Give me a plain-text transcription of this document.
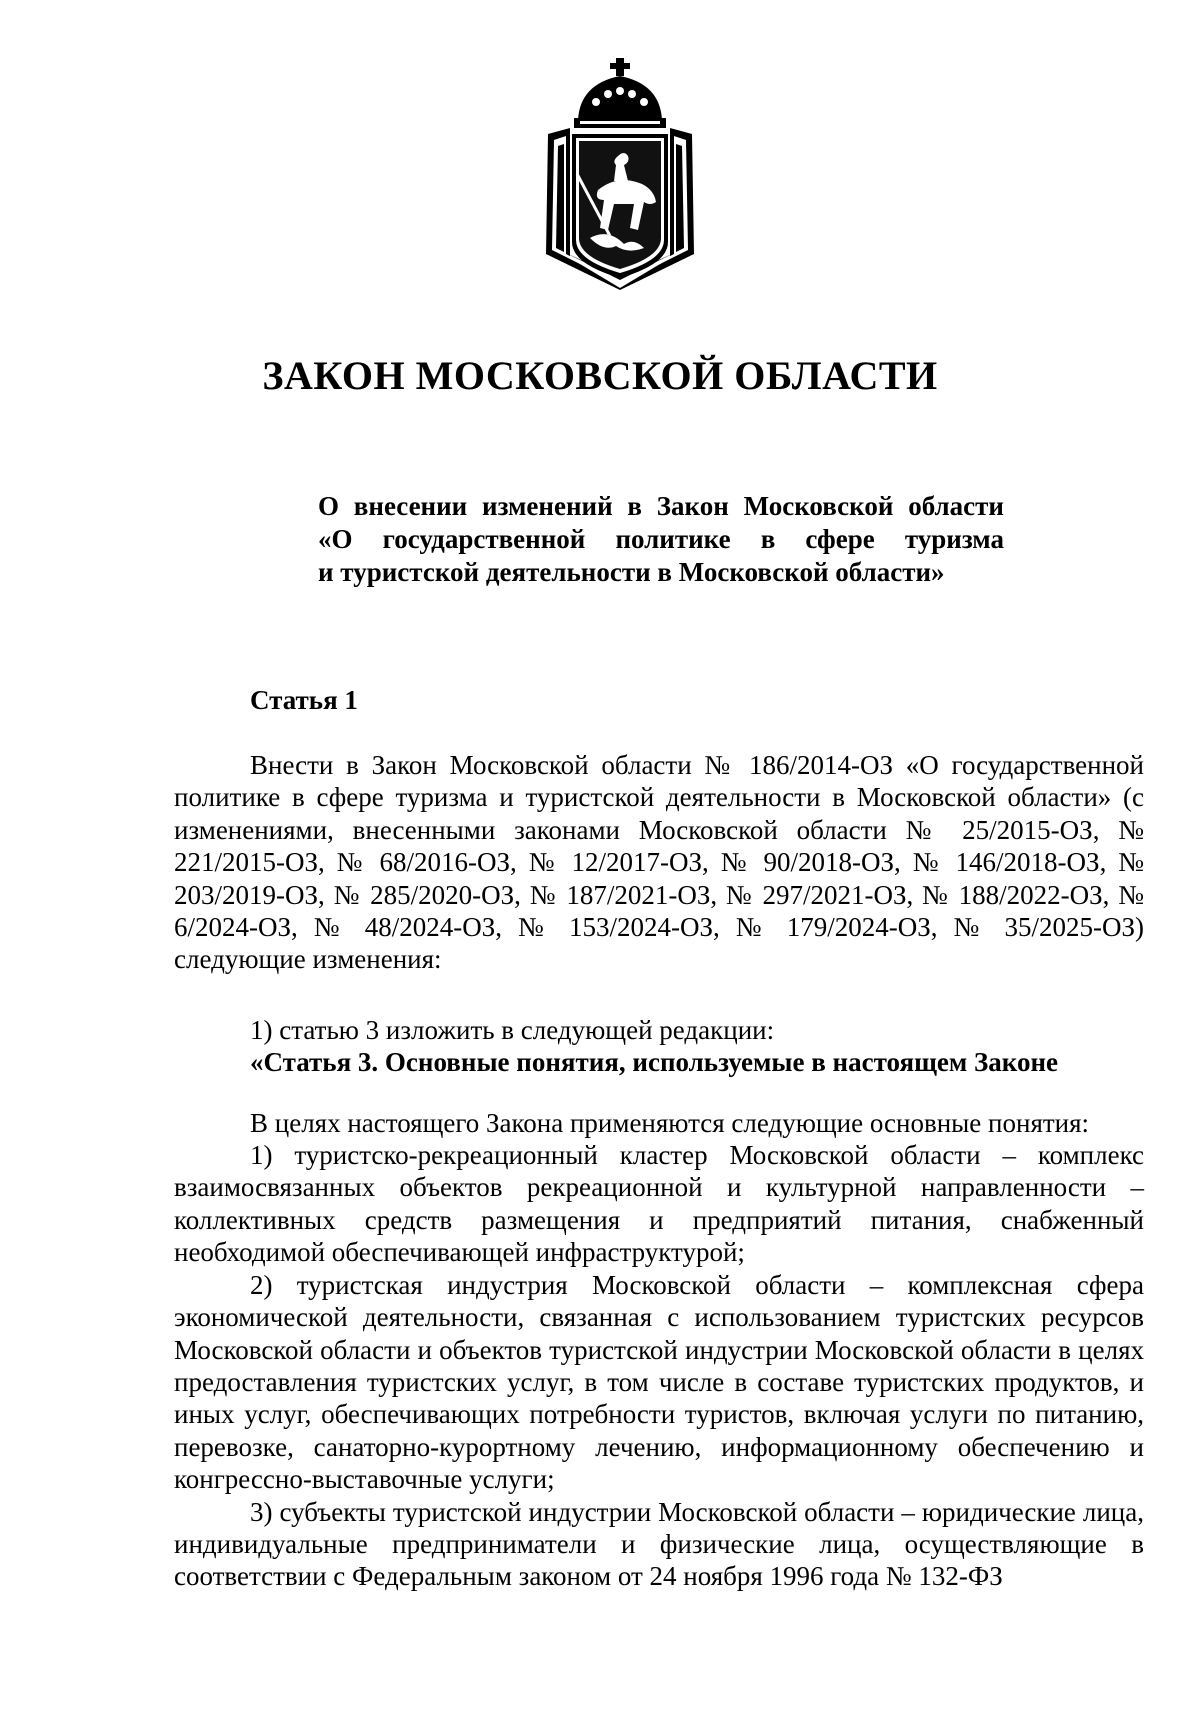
ЗАКОН МОСКОВСКОЙ ОБЛАСТИ
О внесении изменений в Закон Московской области
«О государственной политике в сфере туризма
и туристской деятельности в Московской области»
Статья 1

Внести в Закон Московской области № 186/2014-ОЗ «О государственной политике в сфере туризма и туристской деятельности в Московской области» (с изменениями, внесенными законами Московской области № 25/2015-ОЗ, № 221/2015-ОЗ, № 68/2016-ОЗ, № 12/2017-ОЗ, № 90/2018-ОЗ, № 146/2018-ОЗ, № 203/2019-ОЗ, № 285/2020-ОЗ, № 187/2021-ОЗ, № 297/2021-ОЗ, № 188/2022-ОЗ, № 6/2024-ОЗ, № 48/2024-ОЗ, № 153/2024-ОЗ, № 179/2024-ОЗ, № 35/2025-ОЗ) следующие изменения:

1) статью 3 изложить в следующей редакции:

«Статья 3. Основные понятия, используемые в настоящем Законе

В целях настоящего Закона применяются следующие основные понятия:

1) туристско-рекреационный кластер Московской области – комплекс взаимосвязанных объектов рекреационной и культурной направленности – коллективных средств размещения и предприятий питания, снабженный необходимой обеспечивающей инфраструктурой;

2) туристская индустрия Московской области – комплексная сфера экономической деятельности, связанная с использованием туристских ресурсов Московской области и объектов туристской индустрии Московской области в целях предоставления туристских услуг, в том числе в составе туристских продуктов, и иных услуг, обеспечивающих потребности туристов, включая услуги по питанию, перевозке, санаторно-курортному лечению, информационному обеспечению и конгрессно-выставочные услуги;

3) субъекты туристской индустрии Московской области – юридические лица, индивидуальные предприниматели и физические лица, осуществляющие в соответствии с Федеральным законом от 24 ноября 1996 года № 132-ФЗ
